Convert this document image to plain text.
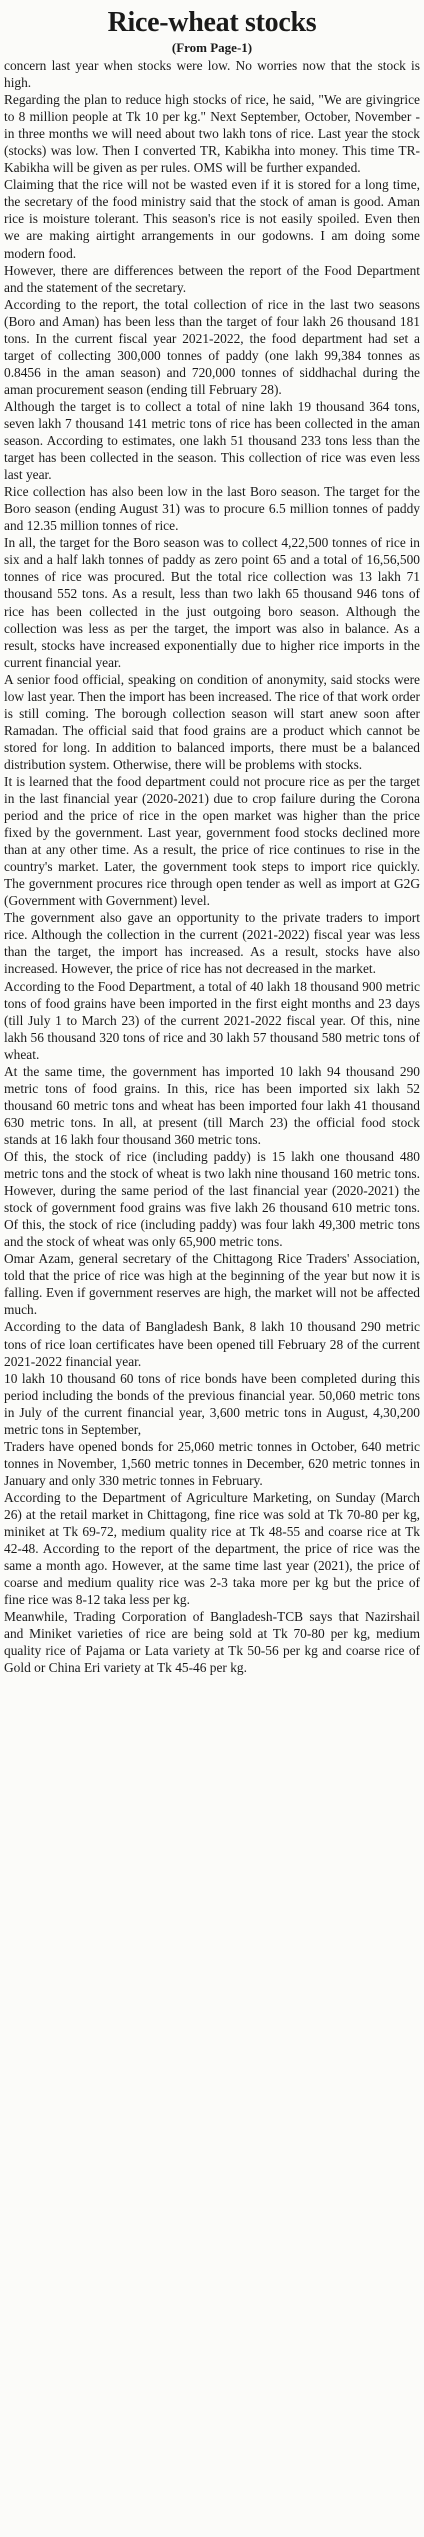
Rice-wheat stocks
(From Page-1)

concern last year when stocks were low. No worries now that the stock is high.

Regarding the plan to reduce high stocks of rice, he said, "We are givingrice to 8 million people at Tk 10 per kg." Next September, October, November - in three months we will need about two lakh tons of rice. Last year the stock (stocks) was low. Then I converted TR, Kabikha into money. This time TR-Kabikha will be given as per rules. OMS will be further expanded.

Claiming that the rice will not be wasted even if it is stored for a long time, the secretary of the food ministry said that the stock of aman is good. Aman rice is moisture tolerant. This season's rice is not easily spoiled. Even then we are making airtight arrangements in our godowns. I am doing some modern food.

However, there are differences between the report of the Food Department and the statement of the secretary.

According to the report, the total collection of rice in the last two seasons (Boro and Aman) has been less than the target of four lakh 26 thousand 181 tons. In the current fiscal year 2021-2022, the food department had set a target of collecting 300,000 tonnes of paddy (one lakh 99,384 tonnes as 0.8456 in the aman season) and 720,000 tonnes of siddhachal during the aman procurement season (ending till February 28).

Although the target is to collect a total of nine lakh 19 thousand 364 tons, seven lakh 7 thousand 141 metric tons of rice has been collected in the aman season. According to estimates, one lakh 51 thousand 233 tons less than the target has been collected in the season. This collection of rice was even less last year.

Rice collection has also been low in the last Boro season. The target for the Boro season (ending August 31) was to procure 6.5 million tonnes of paddy and 12.35 million tonnes of rice.

In all, the target for the Boro season was to collect 4,22,500 tonnes of rice in six and a half lakh tonnes of paddy as zero point 65 and a total of 16,56,500 tonnes of rice was procured. But the total rice collection was 13 lakh 71 thousand 552 tons. As a result, less than two lakh 65 thousand 946 tons of rice has been collected in the just outgoing boro season. Although the collection was less as per the target, the import was also in balance. As a result, stocks have increased exponentially due to higher rice imports in the current financial year.

A senior food official, speaking on condition of anonymity, said stocks were low last year. Then the import has been increased. The rice of that work order is still coming. The borough collection season will start anew soon after Ramadan. The official said that food grains are a product which cannot be stored for long. In addition to balanced imports, there must be a balanced distribution system. Otherwise, there will be problems with stocks.

It is learned that the food department could not procure rice as per the target in the last financial year (2020-2021) due to crop failure during the Corona period and the price of rice in the open market was higher than the price fixed by the government. Last year, government food stocks declined more than at any other time. As a result, the price of rice continues to rise in the country's market. Later, the government took steps to import rice quickly. The government procures rice through open tender as well as import at G2G (Government with Government) level.

The government also gave an opportunity to the private traders to import rice. Although the collection in the current (2021-2022) fiscal year was less than the target, the import has increased. As a result, stocks have also increased. However, the price of rice has not decreased in the market.

According to the Food Department, a total of 40 lakh 18 thousand 900 metric tons of food grains have been imported in the first eight months and 23 days (till July 1 to March 23) of the current 2021-2022 fiscal year. Of this, nine lakh 56 thousand 320 tons of rice and 30 lakh 57 thousand 580 metric tons of wheat.

At the same time, the government has imported 10 lakh 94 thousand 290 metric tons of food grains. In this, rice has been imported six lakh 52 thousand 60 metric tons and wheat has been imported four lakh 41 thousand 630 metric tons. In all, at present (till March 23) the official food stock stands at 16 lakh four thousand 360 metric tons.

Of this, the stock of rice (including paddy) is 15 lakh one thousand 480 metric tons and the stock of wheat is two lakh nine thousand 160 metric tons. However, during the same period of the last financial year (2020-2021) the stock of government food grains was five lakh 26 thousand 610 metric tons. Of this, the stock of rice (including paddy) was four lakh 49,300 metric tons and the stock of wheat was only 65,900 metric tons.

Omar Azam, general secretary of the Chittagong Rice Traders' Association, told that the price of rice was high at the beginning of the year but now it is falling. Even if government reserves are high, the market will not be affected much.

According to the data of Bangladesh Bank, 8 lakh 10 thousand 290 metric tons of rice loan certificates have been opened till February 28 of the current 2021-2022 financial year.

10 lakh 10 thousand 60 tons of rice bonds have been completed during this period including the bonds of the previous financial year. 50,060 metric tons in July of the current financial year, 3,600 metric tons in August, 4,30,200 metric tons in September,

Traders have opened bonds for 25,060 metric tonnes in October, 640 metric tonnes in November, 1,560 metric tonnes in December, 620 metric tonnes in January and only 330 metric tonnes in February.

According to the Department of Agriculture Marketing, on Sunday (March 26) at the retail market in Chittagong, fine rice was sold at Tk 70-80 per kg, miniket at Tk 69-72, medium quality rice at Tk 48-55 and coarse rice at Tk 42-48. According to the report of the department, the price of rice was the same a month ago. However, at the same time last year (2021), the price of coarse and medium quality rice was 2-3 taka more per kg but the price of fine rice was 8-12 taka less per kg.

Meanwhile, Trading Corporation of Bangladesh-TCB says that Nazirshail and Miniket varieties of rice are being sold at Tk 70-80 per kg, medium quality rice of Pajama or Lata variety at Tk 50-56 per kg and coarse rice of Gold or China Eri variety at Tk 45-46 per kg.
